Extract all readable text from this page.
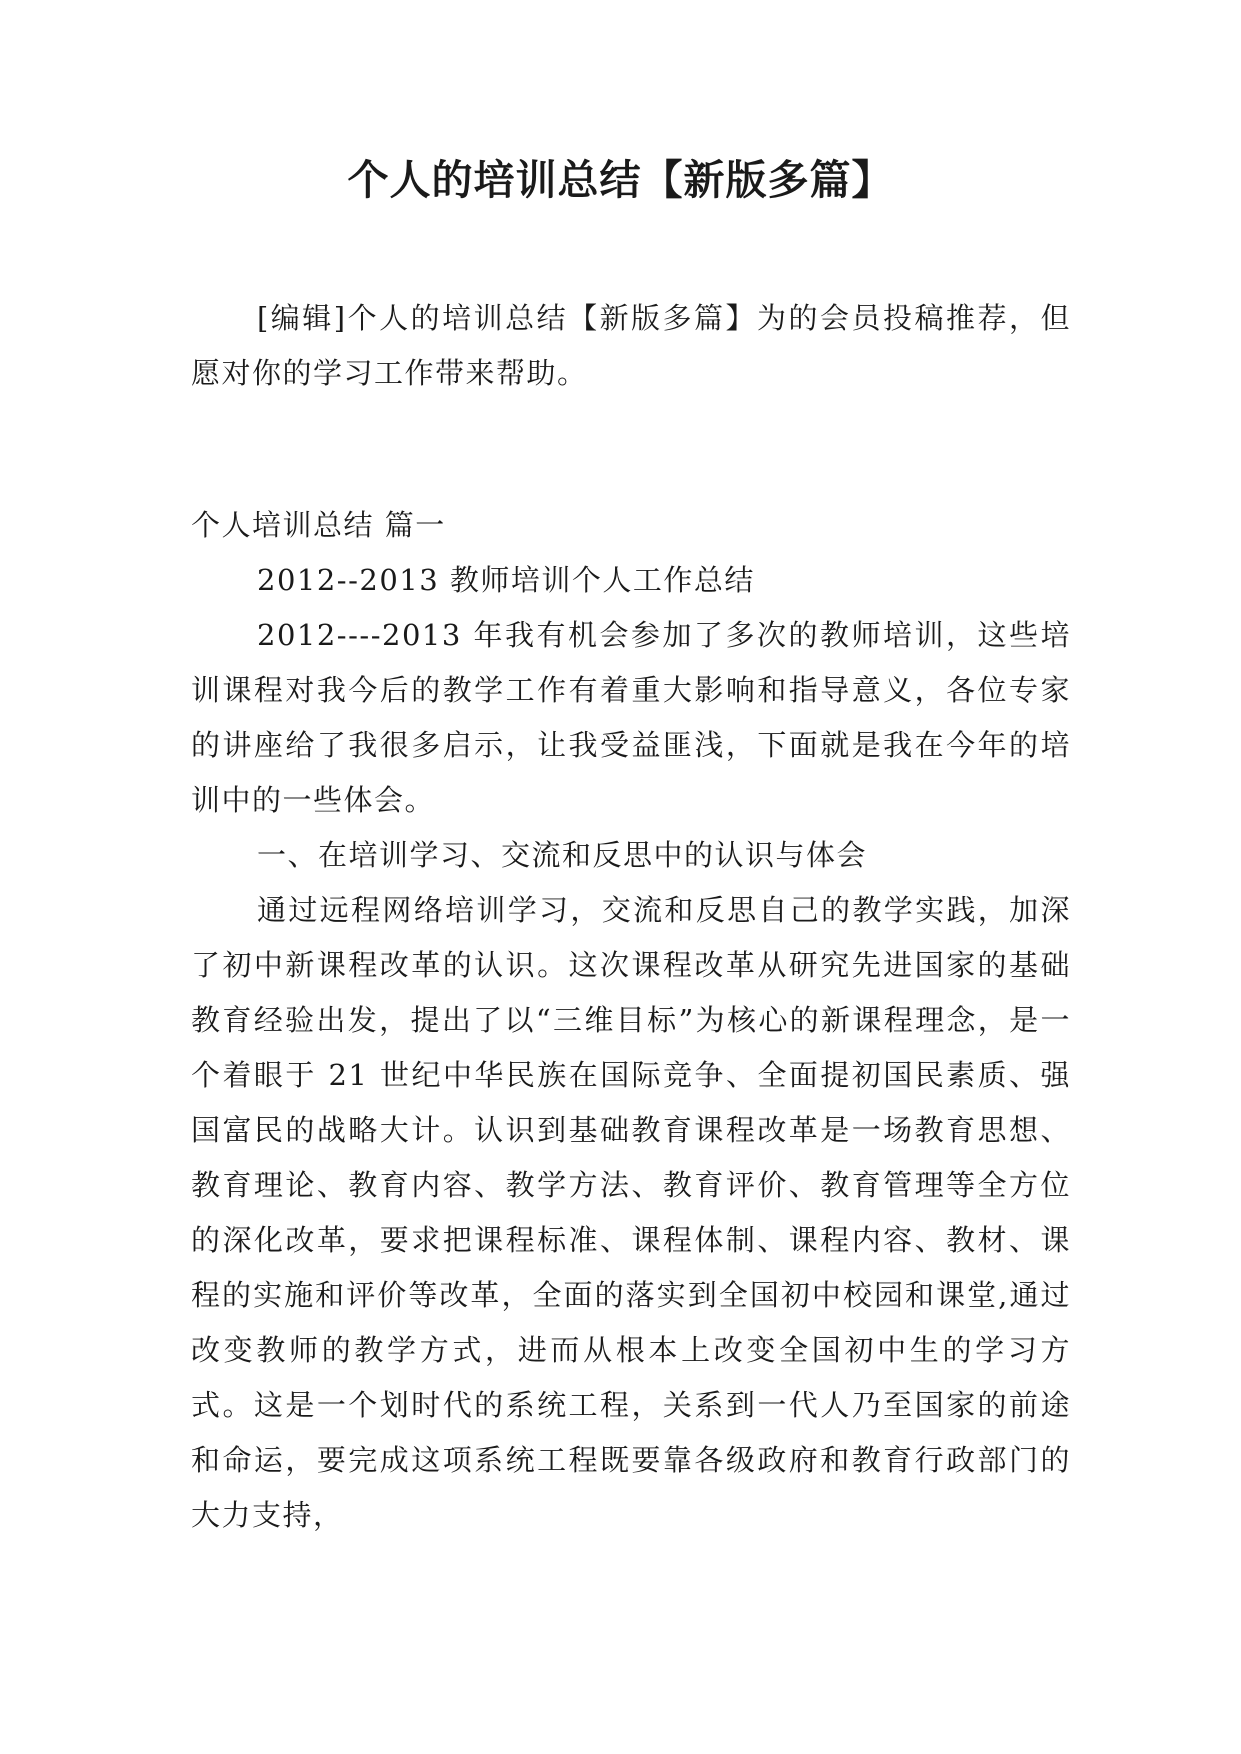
个人的培训总结【新版多篇】

[编辑]个人的培训总结【新版多篇】为的会员投稿推荐，但愿对你的学习工作带来帮助。

个人培训总结 篇一

2012--2013 教师培训个人工作总结

2012----2013 年我有机会参加了多次的教师培训，这些培训课程对我今后的教学工作有着重大影响和指导意义，各位专家的讲座给了我很多启示，让我受益匪浅，下面就是我在今年的培训中的一些体会。

一、在培训学习、交流和反思中的认识与体会

通过远程网络培训学习，交流和反思自己的教学实践，加深了初中新课程改革的认识。这次课程改革从研究先进国家的基础教育经验出发，提出了以“三维目标”为核心的新课程理念，是一个着眼于 21 世纪中华民族在国际竞争、全面提初国民素质、强国富民的战略大计。认识到基础教育课程改革是一场教育思想、教育理论、教育内容、教学方法、教育评价、教育管理等全方位的深化改革，要求把课程标准、课程体制、课程内容、教材、课程的实施和评价等改革，全面的落实到全国初中校园和课堂,通过改变教师的教学方式，进而从根本上改变全国初中生的学习方式。这是一个划时代的系统工程，关系到一代人乃至国家的前途和命运，要完成这项系统工程既要靠各级政府和教育行政部门的大力支持，
